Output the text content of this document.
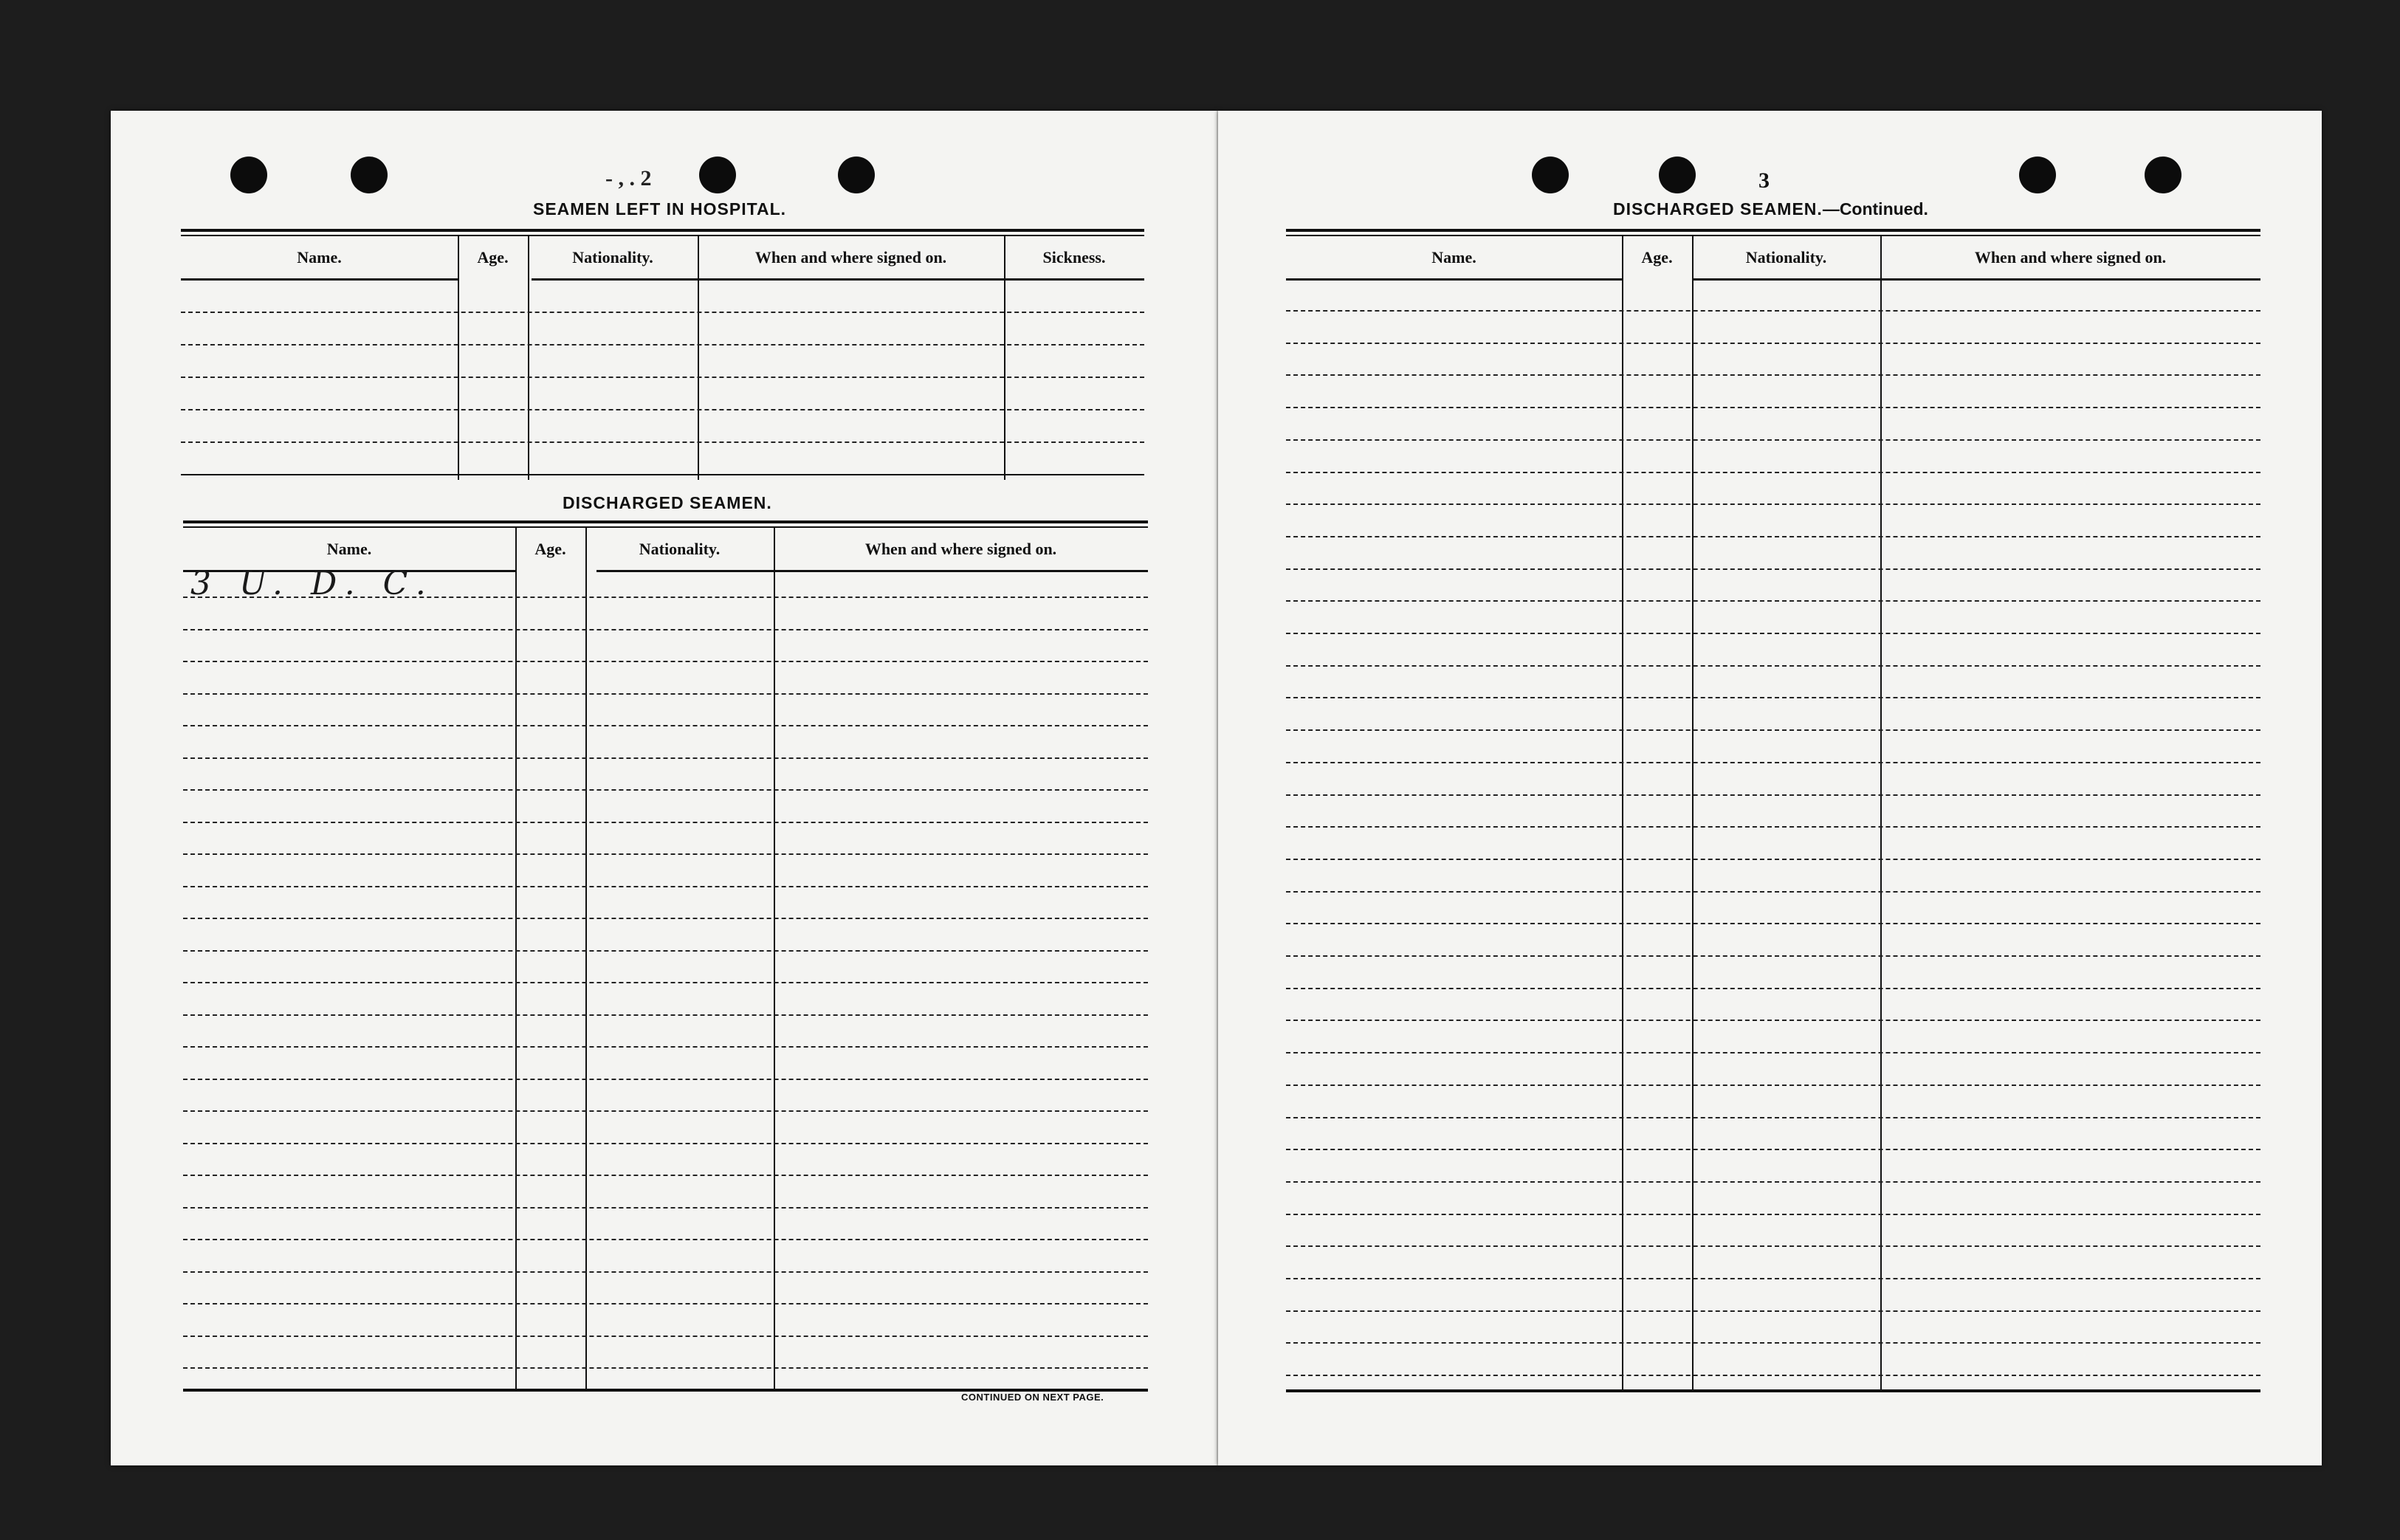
- , . 2
SEAMEN LEFT IN HOSPITAL.
Name.	Age.	Nationality.	When and where signed on.	Sickness.
DISCHARGED SEAMEN.
Name.	Age.	Nationality.	When and where signed on.
3 U. D. C.
CONTINUED ON NEXT PAGE.
3
DISCHARGED SEAMEN.—Continued.
Name.	Age.	Nationality.	When and where signed on.
